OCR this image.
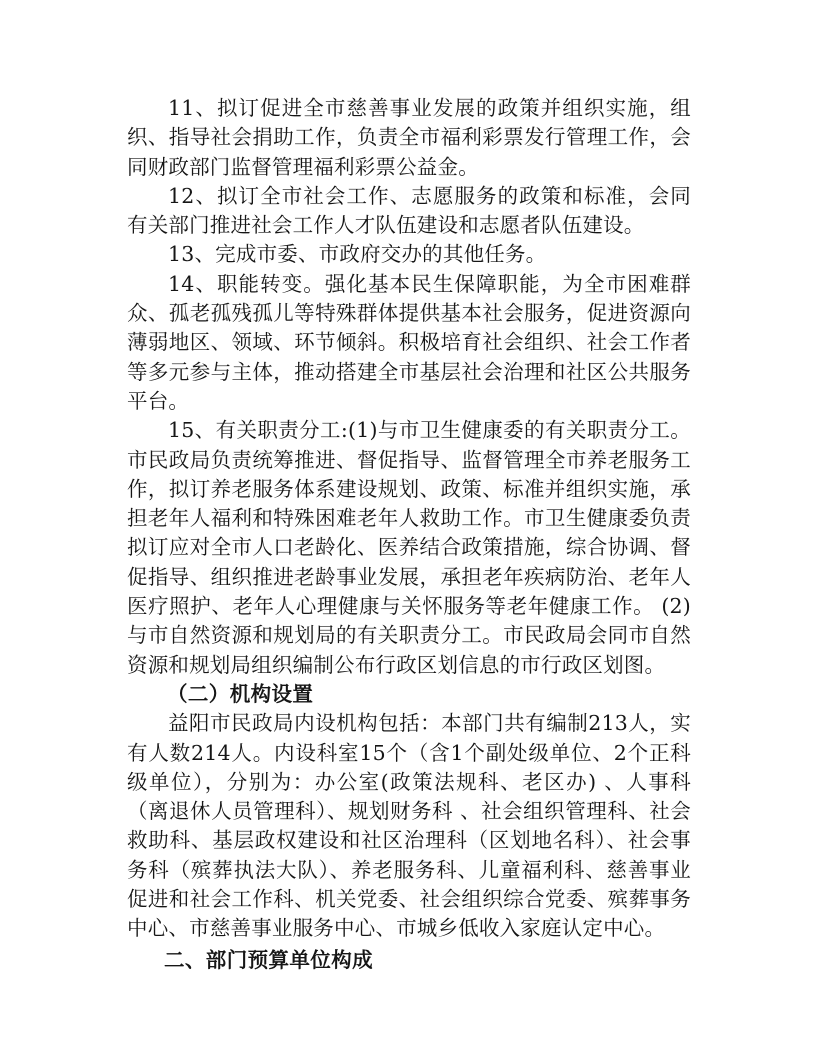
11、拟订促进全市慈善事业发展的政策并组织实施，组织、指导社会捐助工作，负责全市福利彩票发行管理工作，会同财政部门监督管理福利彩票公益金。

12、拟订全市社会工作、志愿服务的政策和标准，会同有关部门推进社会工作人才队伍建设和志愿者队伍建设。

13、完成市委、市政府交办的其他任务。

14、职能转变。强化基本民生保障职能，为全市困难群众、孤老孤残孤儿等特殊群体提供基本社会服务，促进资源向薄弱地区、领域、环节倾斜。积极培育社会组织、社会工作者等多元参与主体，推动搭建全市基层社会治理和社区公共服务平台。

15、有关职责分工:(1)与市卫生健康委的有关职责分工。市民政局负责统筹推进、督促指导、监督管理全市养老服务工作，拟订养老服务体系建设规划、政策、标准并组织实施，承担老年人福利和特殊困难老年人救助工作。市卫生健康委负责拟订应对全市人口老龄化、医养结合政策措施，综合协调、督促指导、组织推进老龄事业发展，承担老年疾病防治、老年人医疗照护、老年人心理健康与关怀服务等老年健康工作。 (2)与市自然资源和规划局的有关职责分工。市民政局会同市自然资源和规划局组织编制公布行政区划信息的市行政区划图。

（二）机构设置

益阳市民政局内设机构包括：本部门共有编制213人，实有人数214人。内设科室15个（含1个副处级单位、2个正科级单位），分别为：办公室(政策法规科、老区办) 、人事科（离退休人员管理科）、规划财务科 、社会组织管理科、社会救助科、基层政权建设和社区治理科（区划地名科）、社会事务科（殡葬执法大队）、养老服务科、儿童福利科、慈善事业促进和社会工作科、机关党委、社会组织综合党委、殡葬事务中心、市慈善事业服务中心、市城乡低收入家庭认定中心。

二、部门预算单位构成
